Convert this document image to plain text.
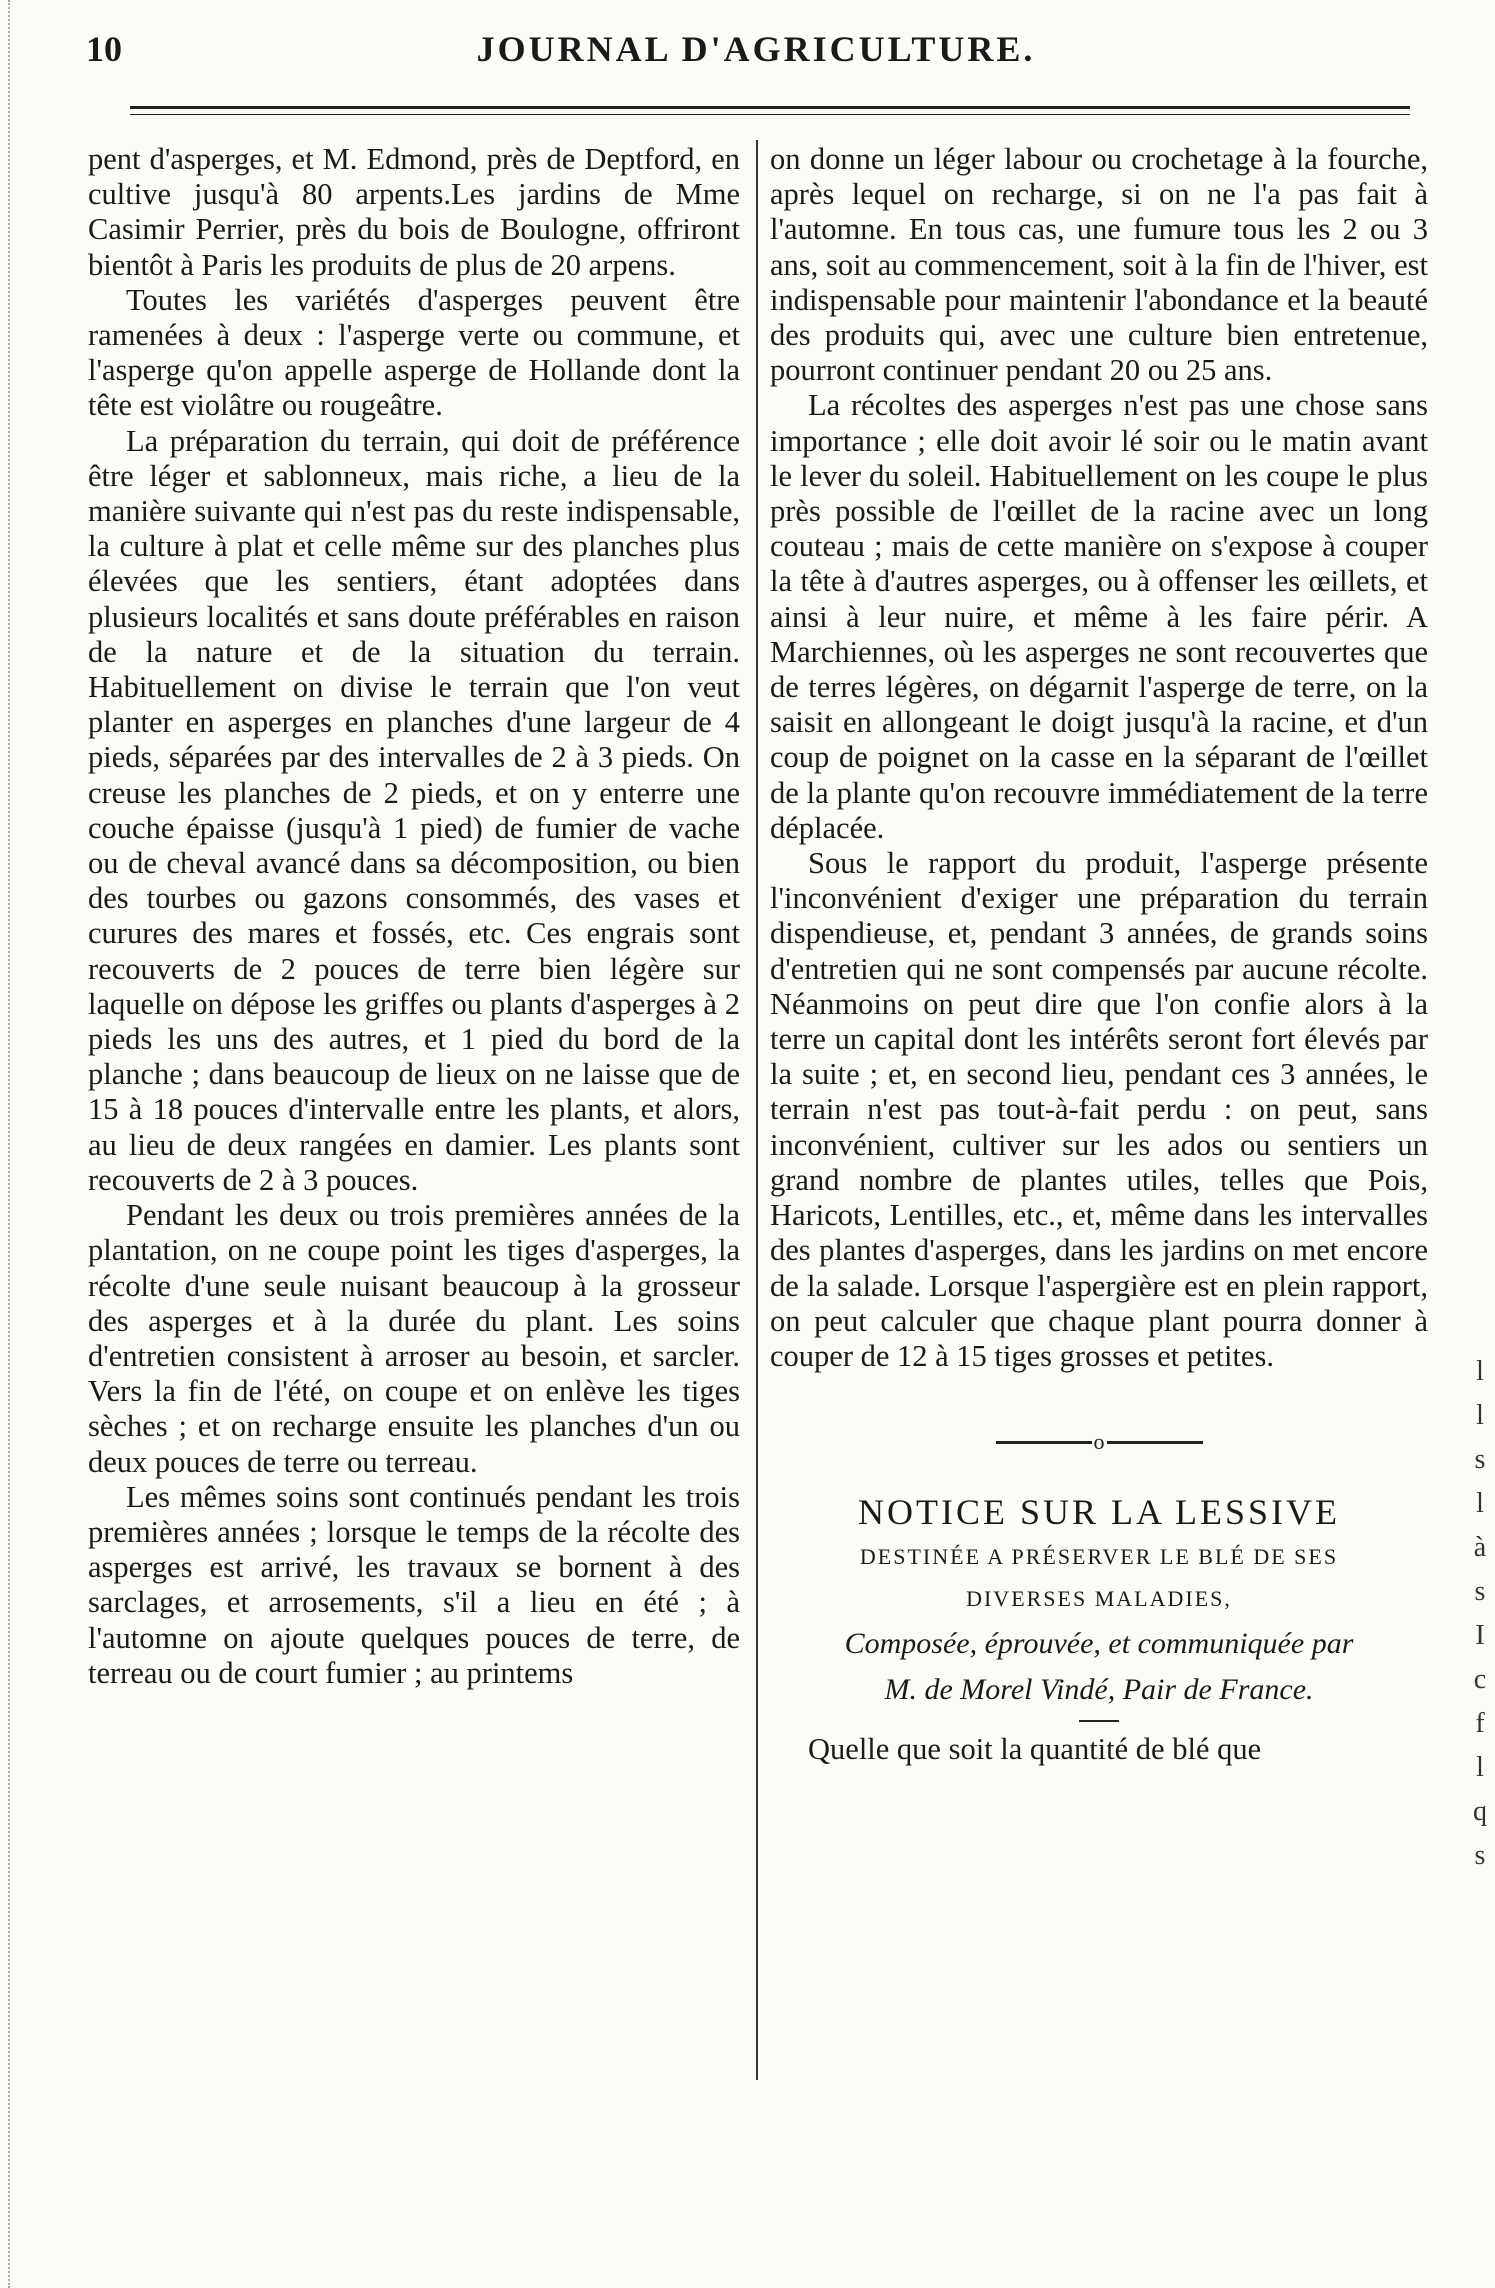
10	JOURNAL D'AGRICULTURE.

pent d'asperges, et M. Edmond, près de Deptford, en cultive jusqu'à 80 arpents.Les jardins de Mme Casimir Perrier, près du bois de Boulogne, offriront bientôt à Paris les produits de plus de 20 arpens.

Toutes les variétés d'asperges peuvent être ramenées à deux : l'asperge verte ou commune, et l'asperge qu'on appelle asperge de Hollande dont la tête est violâtre ou rougeâtre.

La préparation du terrain, qui doit de préférence être léger et sablonneux, mais riche, a lieu de la manière suivante qui n'est pas du reste indispensable, la culture à plat et celle même sur des planches plus élevées que les sentiers, étant adoptées dans plusieurs localités et sans doute préférables en raison de la nature et de la situation du terrain. Habituellement on divise le terrain que l'on veut planter en asperges en planches d'une largeur de 4 pieds, séparées par des intervalles de 2 à 3 pieds. On creuse les planches de 2 pieds, et on y enterre une couche épaisse (jusqu'à 1 pied) de fumier de vache ou de cheval avancé dans sa décomposition, ou bien des tourbes ou gazons consommés, des vases et curures des mares et fossés, etc. Ces engrais sont recouverts de 2 pouces de terre bien légère sur laquelle on dépose les griffes ou plants d'asperges à 2 pieds les uns des autres, et 1 pied du bord de la planche ; dans beaucoup de lieux on ne laisse que de 15 à 18 pouces d'intervalle entre les plants, et alors, au lieu de deux rangées en damier. Les plants sont recouverts de 2 à 3 pouces.

Pendant les deux ou trois premières années de la plantation, on ne coupe point les tiges d'asperges, la récolte d'une seule nuisant beaucoup à la grosseur des asperges et à la durée du plant. Les soins d'entretien consistent à arroser au besoin, et sarcler. Vers la fin de l'été, on coupe et on enlève les tiges sèches ; et on recharge ensuite les planches d'un ou deux pouces de terre ou terreau.

Les mêmes soins sont continués pendant les trois premières années ; lorsque le temps de la récolte des asperges est arrivé, les travaux se bornent à des sarclages, et arrosements, s'il a lieu en été ; à l'automne on ajoute quelques pouces de terre, de terreau ou de court fumier ; au printems

on donne un léger labour ou crochetage à la fourche, après lequel on recharge, si on ne l'a pas fait à l'automne. En tous cas, une fumure tous les 2 ou 3 ans, soit au commencement, soit à la fin de l'hiver, est indispensable pour maintenir l'abondance et la beauté des produits qui, avec une culture bien entretenue, pourront continuer pendant 20 ou 25 ans.

La récoltes des asperges n'est pas une chose sans importance ; elle doit avoir lé soir ou le matin avant le lever du soleil. Habituellement on les coupe le plus près possible de l'œillet de la racine avec un long couteau ; mais de cette manière on s'expose à couper la tête à d'autres asperges, ou à offenser les œillets, et ainsi à leur nuire, et même à les faire périr. A Marchiennes, où les asperges ne sont recouvertes que de terres légères, on dégarnit l'asperge de terre, on la saisit en allongeant le doigt jusqu'à la racine, et d'un coup de poignet on la casse en la séparant de l'œillet de la plante qu'on recouvre immédiatement de la terre déplacée.

Sous le rapport du produit, l'asperge présente l'inconvénient d'exiger une préparation du terrain dispendieuse, et, pendant 3 années, de grands soins d'entretien qui ne sont compensés par aucune récolte. Néanmoins on peut dire que l'on confie alors à la terre un capital dont les intérêts seront fort élevés par la suite ; et, en second lieu, pendant ces 3 années, le terrain n'est pas tout-à-fait perdu : on peut, sans inconvénient, cultiver sur les ados ou sentiers un grand nombre de plantes utiles, telles que Pois, Haricots, Lentilles, etc., et, même dans les intervalles des plantes d'asperges, dans les jardins on met encore de la salade. Lorsque l'aspergière est en plein rapport, on peut calculer que chaque plant pourra donner à couper de 12 à 15 tiges grosses et petites.

o
NOTICE SUR LA LESSIVE
DESTINÉE A PRÉSERVER LE BLÉ DE SES
DIVERSES MALADIES,
Composée, éprouvée, et communiquée par
M. de Morel Vindé, Pair de France.

Quelle que soit la quantité de blé que

l
l
s
l
à
s
I
c
f
l
q
s
